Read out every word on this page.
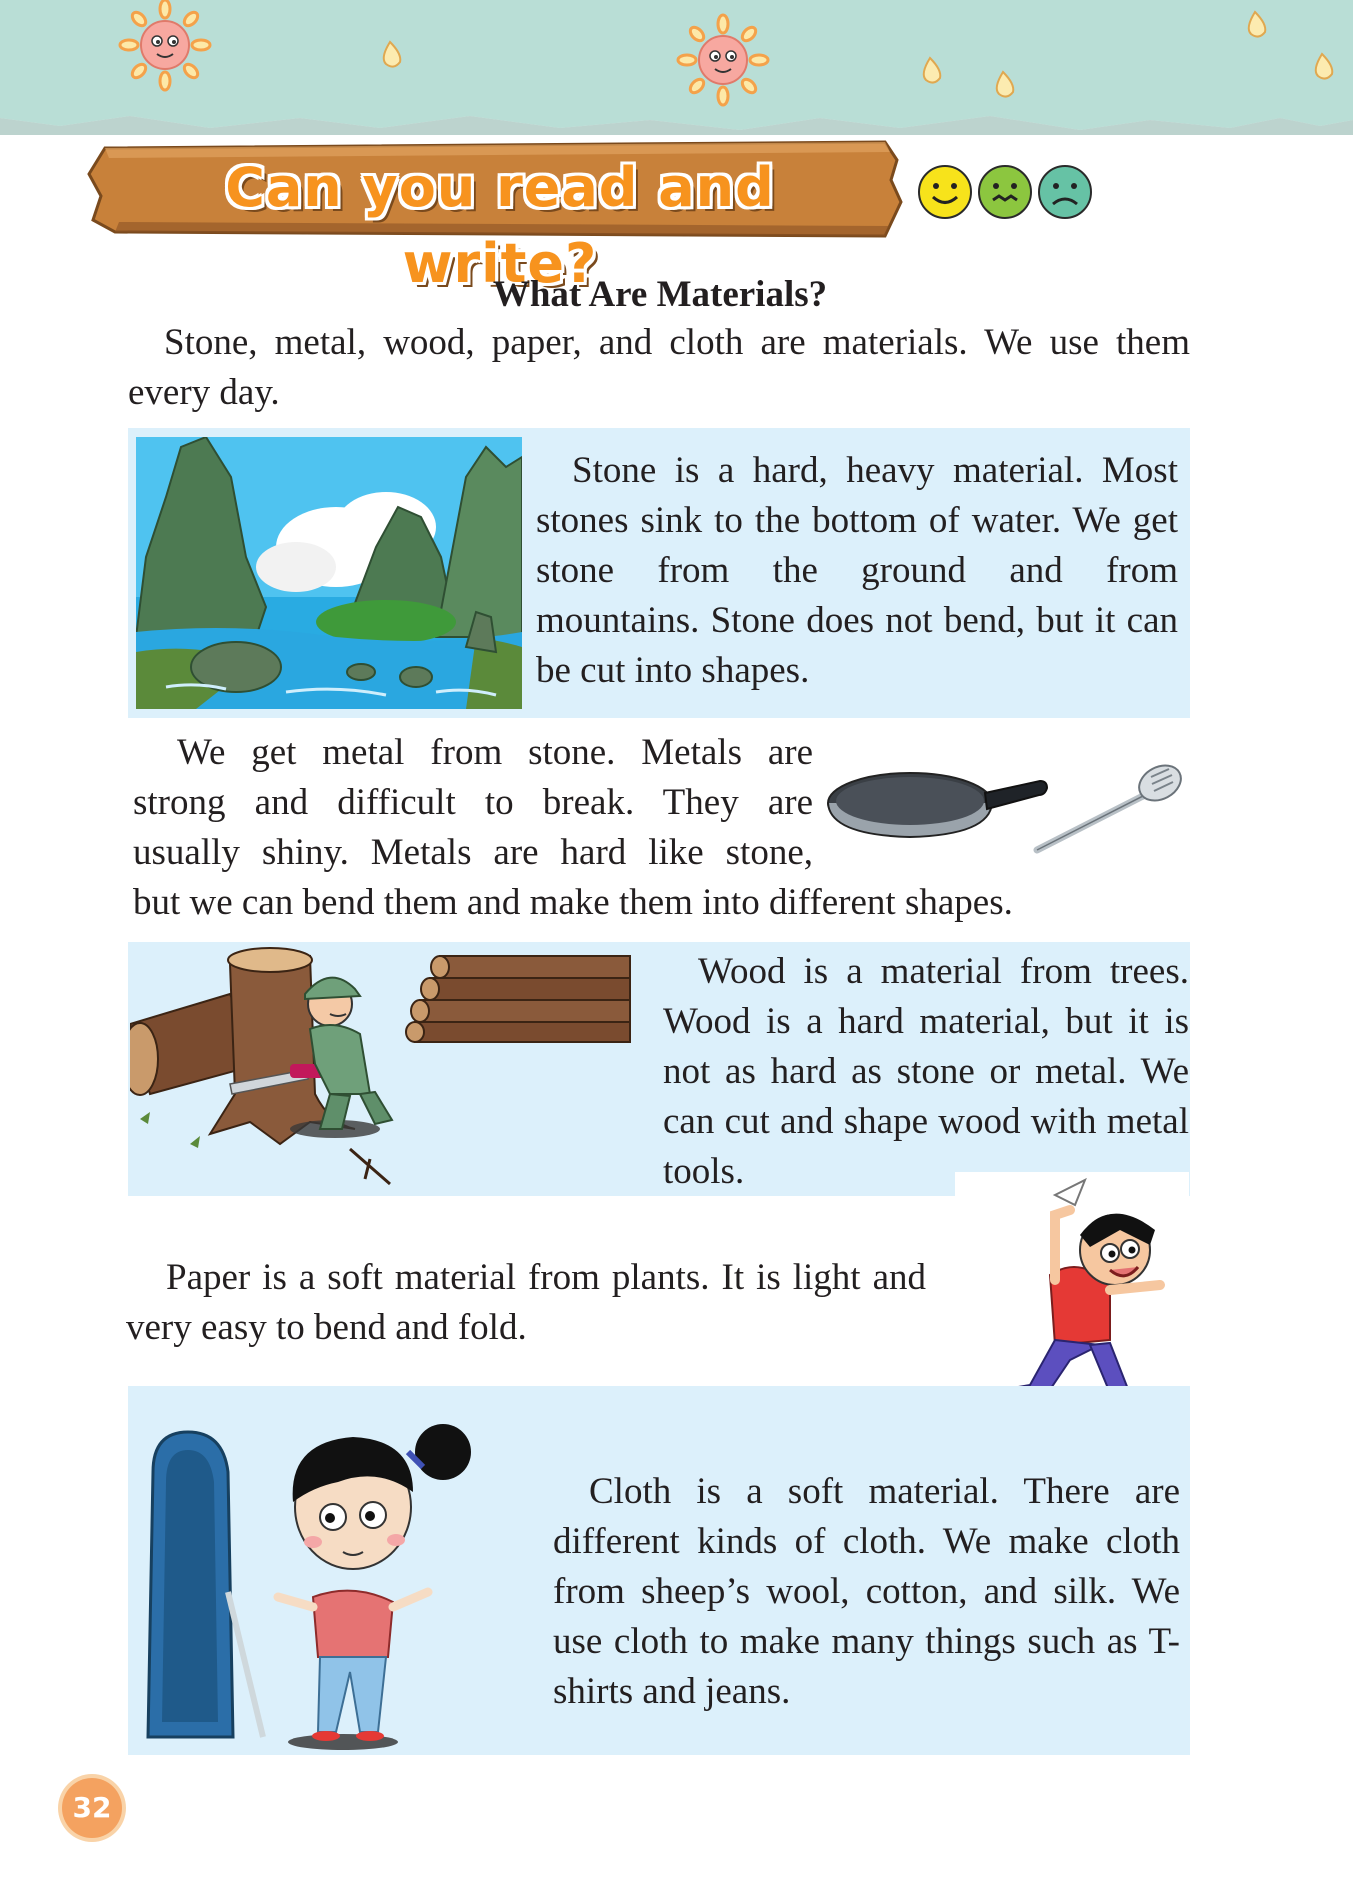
Can you read and write?

What Are Materials?

Stone, metal, wood, paper, and cloth are materials. We use them every day.

Stone is a hard, heavy material. Most stones sink to the bottom of water. We get stone from the ground and from mountains. Stone does not bend, but it can be cut into shapes.

We get metal from stone. Metals are
strong and difficult to break. They are
usually shiny. Metals are hard like stone,
but we can bend them and make them into different shapes.

Wood is a material from trees. Wood is a hard material, but it is not as hard as stone or metal. We can cut and shape wood with metal tools.

Paper is a soft material from plants. It is light and very easy to bend and fold.

Cloth is a soft material. There are different kinds of cloth. We make cloth from sheep’s wool, cotton, and silk. We use cloth to make many things such as T-shirts and jeans.

32
